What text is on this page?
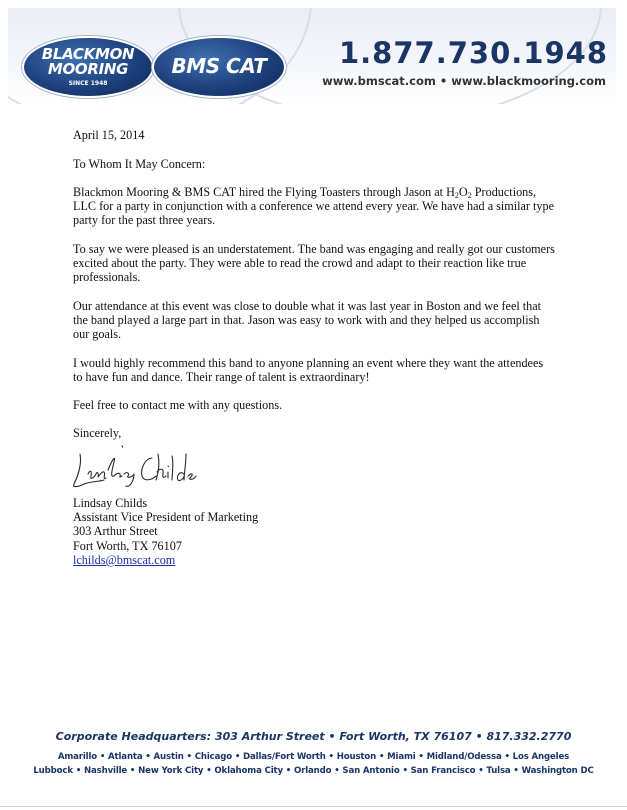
BLACKMON
MOORING
SINCE 1948
BMS CAT	1.877.730.1948
www.bmscat.com • www.blackmooring.com
April 15, 2014
To Whom It May Concern:

Blackmon Mooring & BMS CAT hired the Flying Toasters through Jason at $H_2O_2$ Productions, LLC for a party in conjunction with a conference we attend every year. We have had a similar type party for the past three years.

To say we were pleased is an understatement. The band was engaging and really got our customers excited about the party. They were able to read the crowd and adapt to their reaction like true professionals.

Our attendance at this event was close to double what it was last year in Boston and we feel that the band played a large part in that. Jason was easy to work with and they helped us accomplish our goals.

I would highly recommend this band to anyone planning an event where they want the attendees to have fun and dance. Their range of talent is extraordinary!

Feel free to contact me with any questions.

Sincerely,
Lindsay Childs
Assistant Vice President of Marketing
303 Arthur Street
Fort Worth, TX 76107
lchilds@bmscat.com
Corporate Headquarters: 303 Arthur Street • Fort Worth, TX 76107 • 817.332.2770
Amarillo • Atlanta • Austin • Chicago • Dallas/Fort Worth • Houston • Miami • Midland/Odessa • Los Angeles
Lubbock • Nashville • New York City • Oklahoma City • Orlando • San Antonio • San Francisco • Tulsa • Washington DC
